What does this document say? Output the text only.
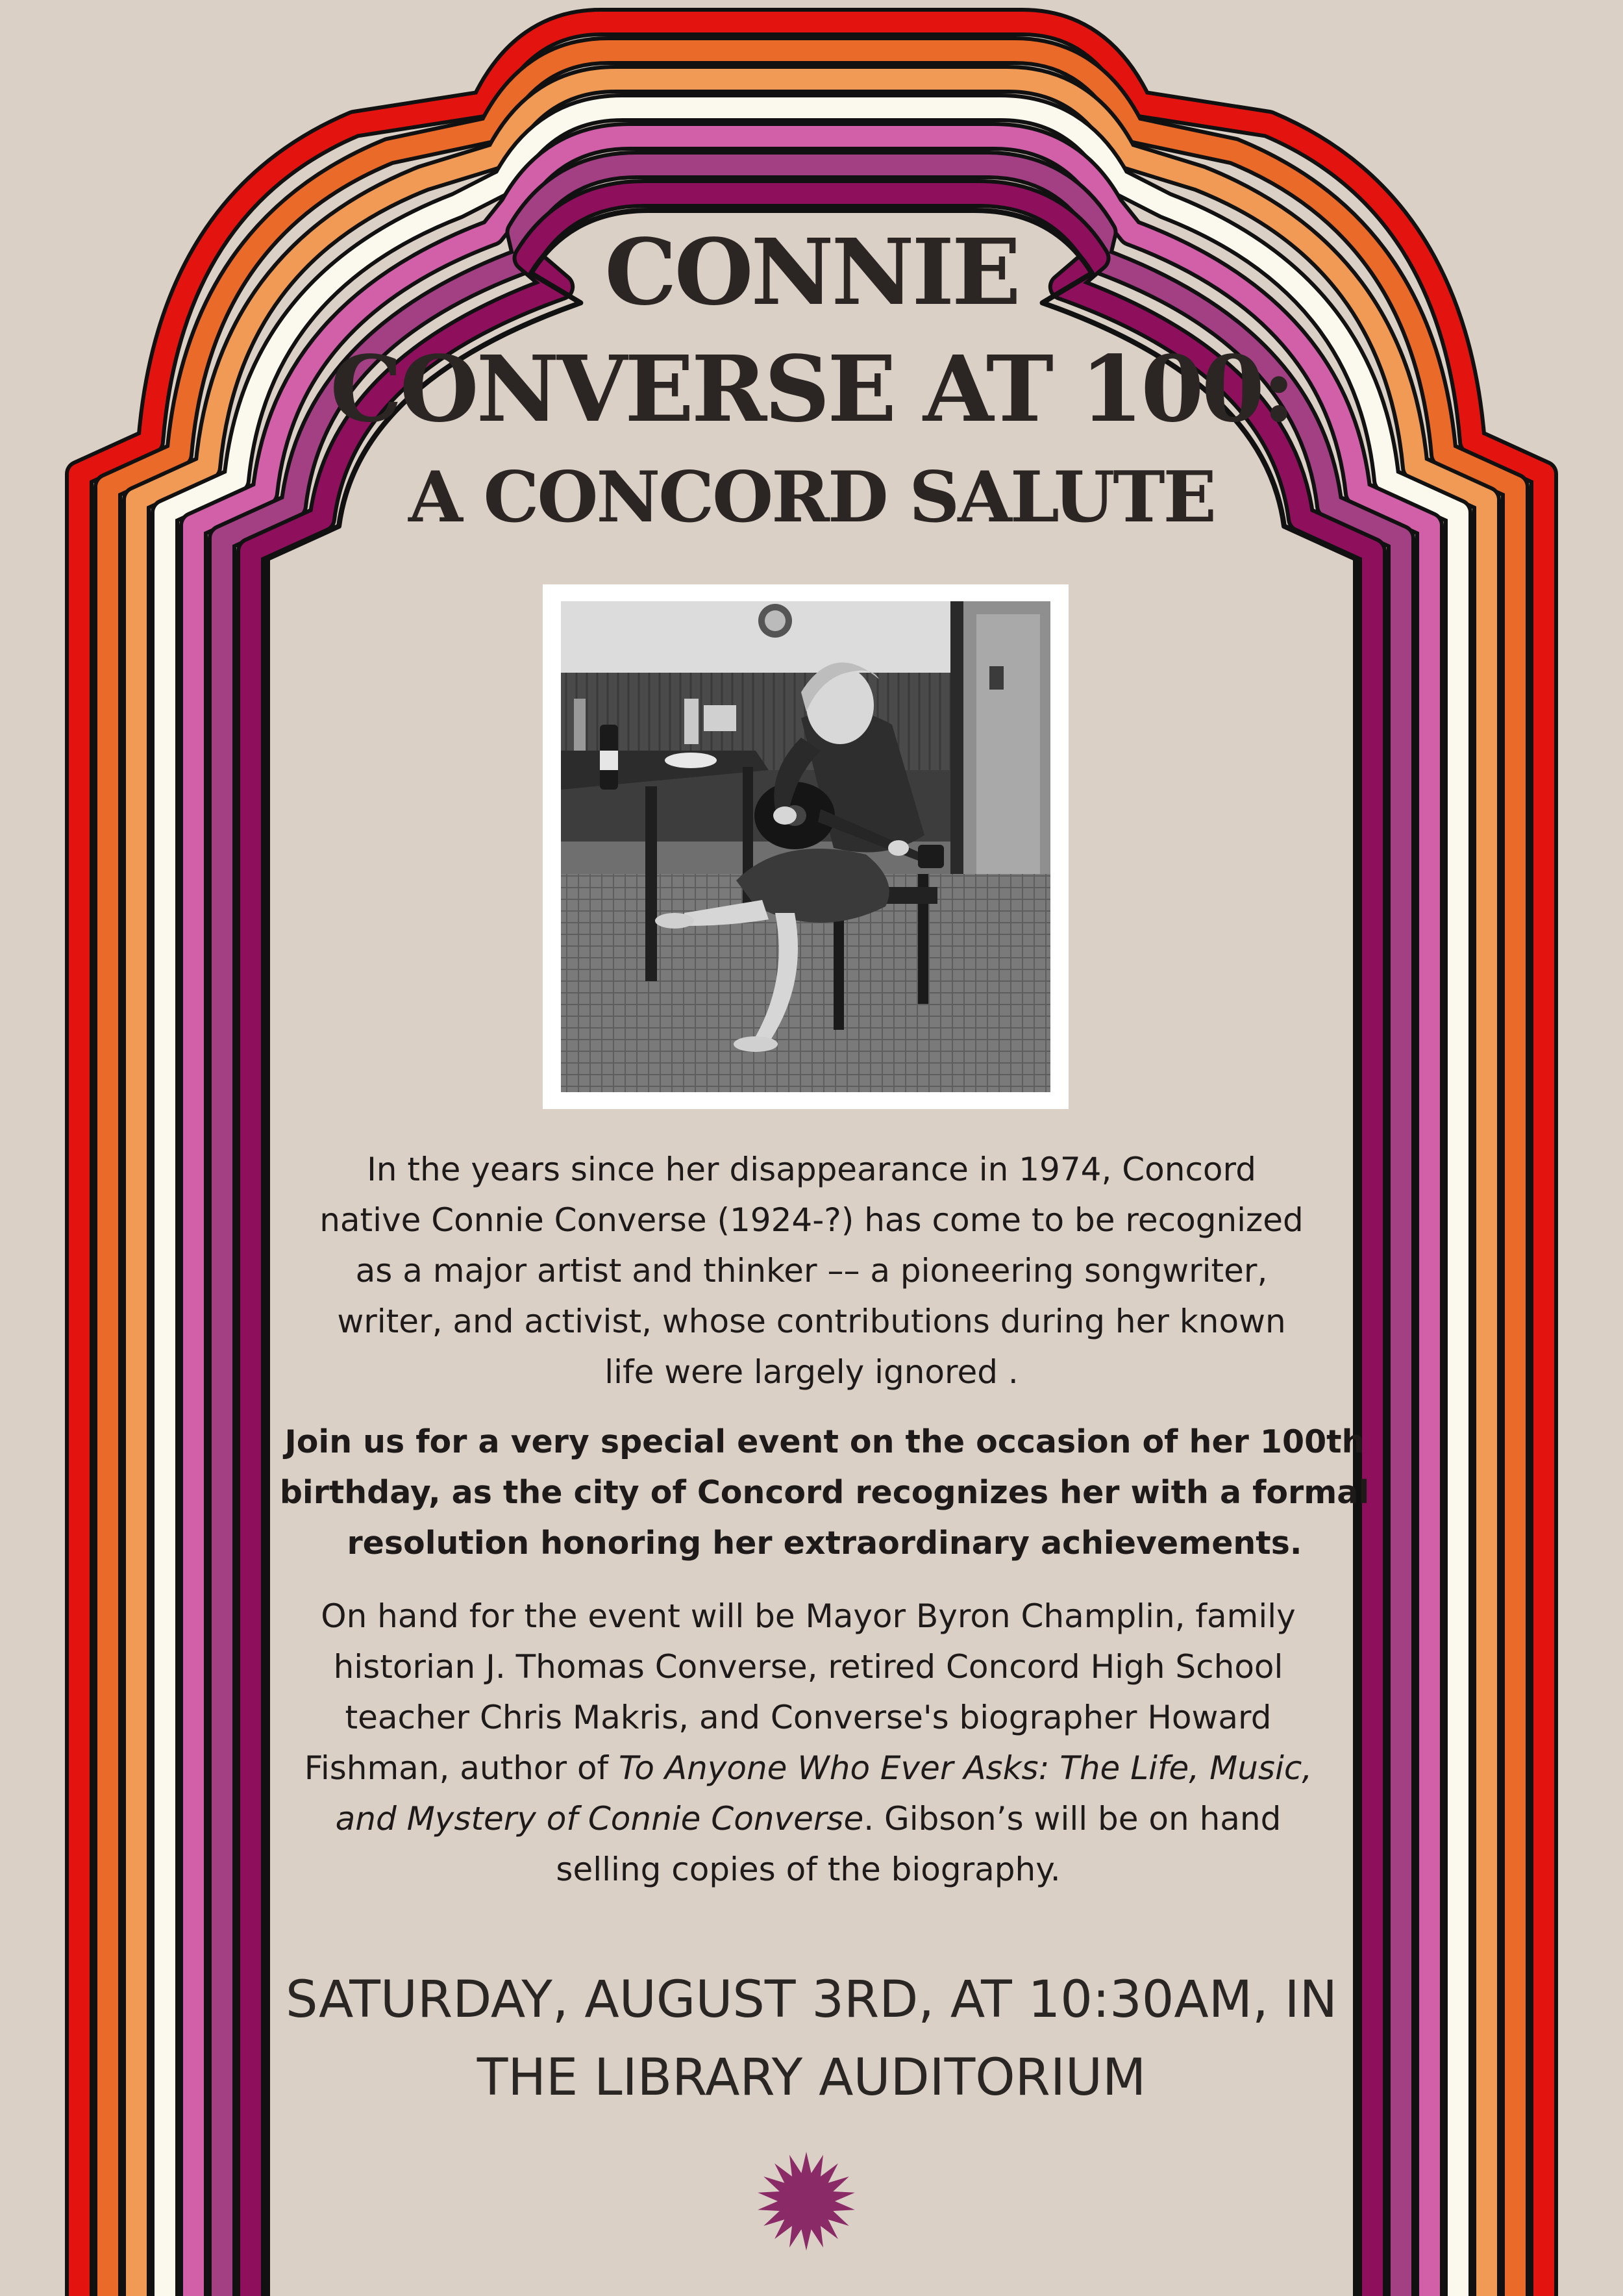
CONNIE
CONVERSE AT 100:
A CONCORD SALUTE

In the years since her disappearance in 1974, Concord
native Connie Converse (1924-?) has come to be recognized
as a major artist and thinker –– a pioneering songwriter,
writer, and activist, whose contributions during her known
life were largely ignored .

Join us for a very special event on the occasion of her 100th
birthday, as the city of Concord recognizes her with a formal
resolution honoring her extraordinary achievements.

On hand for the event will be Mayor Byron Champlin, family
historian J. Thomas Converse, retired Concord High School
teacher Chris Makris, and Converse's biographer Howard
Fishman, author of To Anyone Who Ever Asks: The Life, Music,
and Mystery of Connie Converse. Gibson’s will be on hand
selling copies of the biography.

SATURDAY, AUGUST 3RD, AT 10:30AM, IN
THE LIBRARY AUDITORIUM
